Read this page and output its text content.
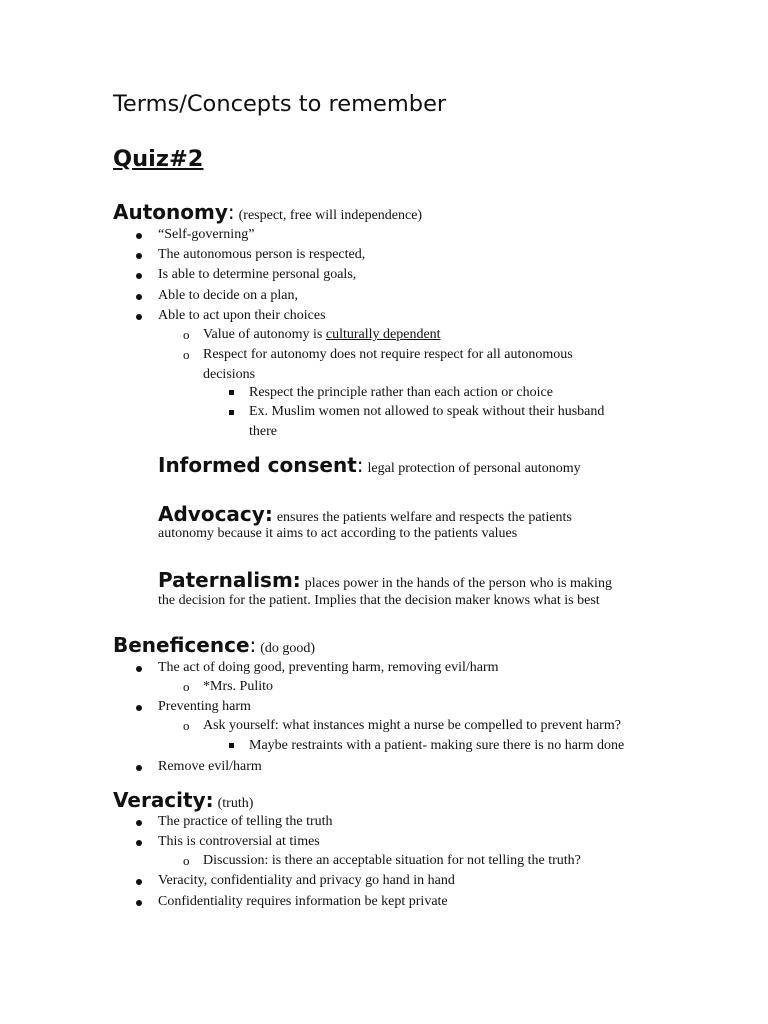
Terms/Concepts to remember
Quiz#2
Autonomy: (respect, free will independence)
“Self-governing”
The autonomous person is respected,
Is able to determine personal goals,
Able to decide on a plan,
Able to act upon their choices
o Value of autonomy is culturally dependent
o Respect for autonomy does not require respect for all autonomous
decisions
Respect the principle rather than each action or choice
Ex. Muslim women not allowed to speak without their husband
there
Informed consent: legal protection of personal autonomy
Advocacy: ensures the patients welfare and respects the patients
autonomy because it aims to act according to the patients values
Paternalism: places power in the hands of the person who is making
the decision for the patient. Implies that the decision maker knows what is best
Beneficence: (do good)
The act of doing good, preventing harm, removing evil/harm
o *Mrs. Pulito
Preventing harm
o Ask yourself: what instances might a nurse be compelled to prevent harm?
Maybe restraints with a patient- making sure there is no harm done
Remove evil/harm
Veracity: (truth)
The practice of telling the truth
This is controversial at times
o Discussion: is there an acceptable situation for not telling the truth?
Veracity, confidentiality and privacy go hand in hand
Confidentiality requires information be kept private
